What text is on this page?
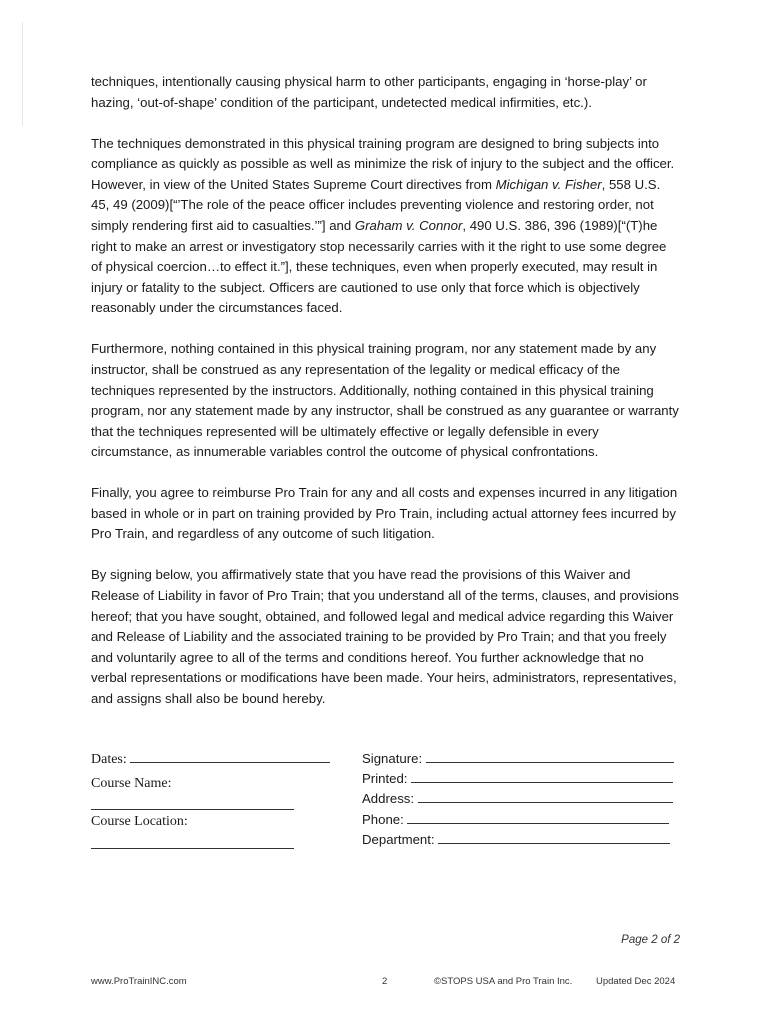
techniques, intentionally causing physical harm to other participants, engaging in ‘horse-play’ or hazing, ‘out-of-shape’ condition of the participant, undetected medical infirmities, etc.).

The techniques demonstrated in this physical training program are designed to bring subjects into compliance as quickly as possible as well as minimize the risk of injury to the subject and the officer. However, in view of the United States Supreme Court directives from Michigan v. Fisher, 558 U.S. 45, 49 (2009)[“’The role of the peace officer includes preventing violence and restoring order, not simply rendering first aid to casualties.’”] and Graham v. Connor, 490 U.S. 386, 396 (1989)[“(T)he right to make an arrest or investigatory stop necessarily carries with it the right to use some degree of physical coercion…to effect it.”], these techniques, even when properly executed, may result in injury or fatality to the subject. Officers are cautioned to use only that force which is objectively reasonably under the circumstances faced.

Furthermore, nothing contained in this physical training program, nor any statement made by any instructor, shall be construed as any representation of the legality or medical efficacy of the techniques represented by the instructors. Additionally, nothing contained in this physical training program, nor any statement made by any instructor, shall be construed as any guarantee or warranty that the techniques represented will be ultimately effective or legally defensible in every circumstance, as innumerable variables control the outcome of physical confrontations.

Finally, you agree to reimburse Pro Train for any and all costs and expenses incurred in any litigation based in whole or in part on training provided by Pro Train, including actual attorney fees incurred by Pro Train, and regardless of any outcome of such litigation.

By signing below, you affirmatively state that you have read the provisions of this Waiver and Release of Liability in favor of Pro Train; that you understand all of the terms, clauses, and provisions hereof; that you have sought, obtained, and followed legal and medical advice regarding this Waiver and Release of Liability and the associated training to be provided by Pro Train; and that you freely and voluntarily agree to all of the terms and conditions hereof. You further acknowledge that no verbal representations or modifications have been made. Your heirs, administrators, representatives, and assigns shall also be bound hereby.

Dates:
Course Name:
Course Location:
Signature:
Printed:
Address:
Phone:
Department:
Page 2 of 2
www.ProTrainINC.com	2	©STOPS USA and Pro Train Inc. Updated Dec 2024
